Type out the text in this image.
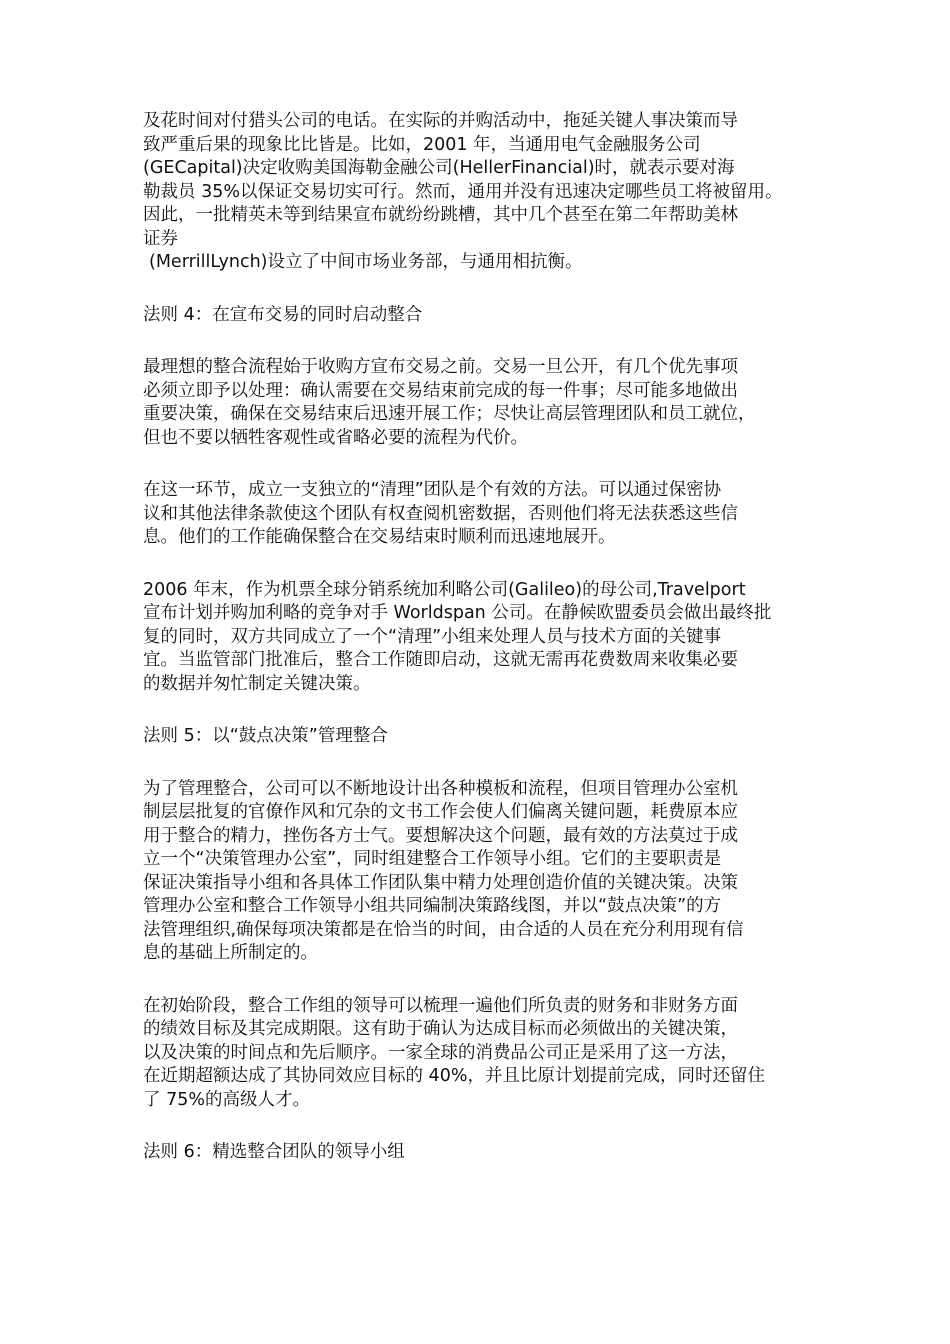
及花时间对付猎头公司的电话。在实际的并购活动中，拖延关键人事决策而导
致严重后果的现象比比皆是。比如，2001 年，当通用电气金融服务公司
(GECapital)决定收购美国海勒金融公司(HellerFinancial)时，就表示要对海
勒裁员 35%以保证交易切实可行。然而，通用并没有迅速决定哪些员工将被留用。
因此，一批精英未等到结果宣布就纷纷跳槽，其中几个甚至在第二年帮助美林
证券
(MerrillLynch)设立了中间市场业务部，与通用相抗衡。
法则 4：在宣布交易的同时启动整合
最理想的整合流程始于收购方宣布交易之前。交易一旦公开，有几个优先事项
必须立即予以处理：确认需要在交易结束前完成的每一件事；尽可能多地做出
重要决策，确保在交易结束后迅速开展工作；尽快让高层管理团队和员工就位，
但也不要以牺牲客观性或省略必要的流程为代价。
在这一环节，成立一支独立的“清理”团队是个有效的方法。可以通过保密协
议和其他法律条款使这个团队有权查阅机密数据，否则他们将无法获悉这些信
息。他们的工作能确保整合在交易结束时顺利而迅速地展开。
2006 年末，作为机票全球分销系统加利略公司(Galileo)的母公司,Travelport
宣布计划并购加利略的竞争对手 Worldspan 公司。在静候欧盟委员会做出最终批
复的同时，双方共同成立了一个“清理”小组来处理人员与技术方面的关键事
宜。当监管部门批准后，整合工作随即启动，这就无需再花费数周来收集必要
的数据并匆忙制定关键决策。
法则 5：以“鼓点决策”管理整合
为了管理整合，公司可以不断地设计出各种模板和流程，但项目管理办公室机
制层层批复的官僚作风和冗杂的文书工作会使人们偏离关键问题，耗费原本应
用于整合的精力，挫伤各方士气。要想解决这个问题，最有效的方法莫过于成
立一个“决策管理办公室”，同时组建整合工作领导小组。它们的主要职责是
保证决策指导小组和各具体工作团队集中精力处理创造价值的关键决策。决策
管理办公室和整合工作领导小组共同编制决策路线图，并以“鼓点决策”的方
法管理组织,确保每项决策都是在恰当的时间，由合适的人员在充分利用现有信
息的基础上所制定的。
在初始阶段，整合工作组的领导可以梳理一遍他们所负责的财务和非财务方面
的绩效目标及其完成期限。这有助于确认为达成目标而必须做出的关键决策，
以及决策的时间点和先后顺序。一家全球的消费品公司正是采用了这一方法，
在近期超额达成了其协同效应目标的 40%，并且比原计划提前完成，同时还留住
了 75%的高级人才。
法则 6：精选整合团队的领导小组
